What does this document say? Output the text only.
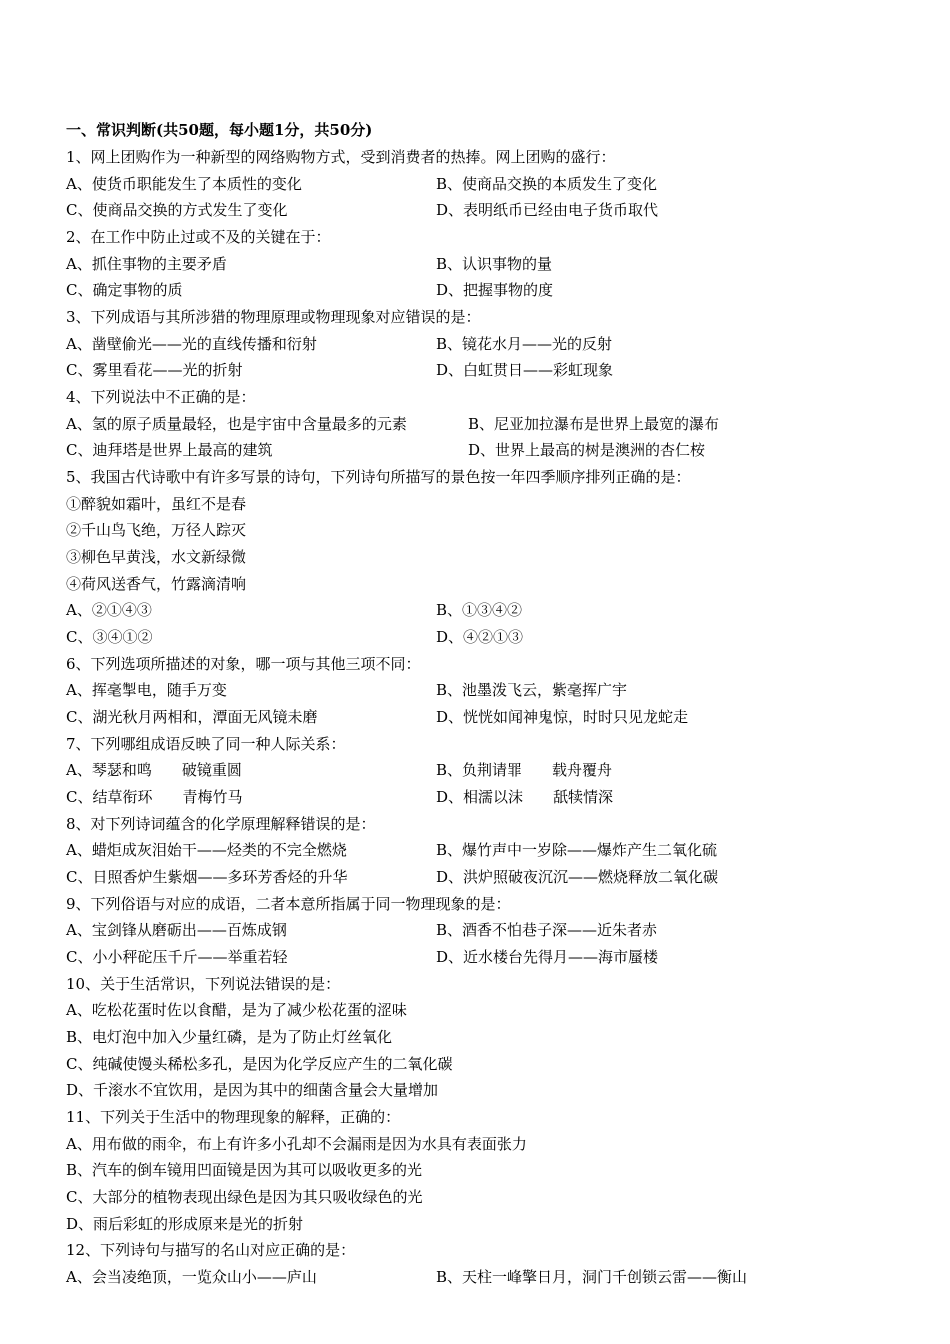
一、常识判断(共50题，每小题1分，共50分)
1、网上团购作为一种新型的网络购物方式，受到消费者的热捧。网上团购的盛行：
A、使货币职能发生了本质性的变化	B、使商品交换的本质发生了变化
C、使商品交换的方式发生了变化	D、表明纸币已经由电子货币取代
2、在工作中防止过或不及的关键在于：
A、抓住事物的主要矛盾	B、认识事物的量
C、确定事物的质	D、把握事物的度
3、下列成语与其所涉猎的物理原理或物理现象对应错误的是：
A、凿壁偷光——光的直线传播和衍射	B、镜花水月——光的反射
C、雾里看花——光的折射	D、白虹贯日——彩虹现象
4、下列说法中不正确的是：
A、氢的原子质量最轻，也是宇宙中含量最多的元素	B、尼亚加拉瀑布是世界上最宽的瀑布
C、迪拜塔是世界上最高的建筑	D、世界上最高的树是澳洲的杏仁桉
5、我国古代诗歌中有许多写景的诗句，下列诗句所描写的景色按一年四季顺序排列正确的是：
①醉貌如霜叶，虽红不是春
②千山鸟飞绝，万径人踪灭
③柳色早黄浅，水文新绿微
④荷风送香气，竹露滴清响
A、②①④③	B、①③④②
C、③④①②	D、④②①③
6、下列选项所描述的对象，哪一项与其他三项不同：
A、挥毫掣电，随手万变	B、池墨泼飞云，紫毫挥广宇
C、湖光秋月两相和，潭面无风镜未磨	D、恍恍如闻神鬼惊，时时只见龙蛇走
7、下列哪组成语反映了同一种人际关系：
A、琴瑟和鸣　　破镜重圆	B、负荆请罪　　载舟覆舟
C、结草衔环　　青梅竹马	D、相濡以沫　　舐犊情深
8、对下列诗词蕴含的化学原理解释错误的是：
A、蜡炬成灰泪始干——烃类的不完全燃烧	B、爆竹声中一岁除——爆炸产生二氧化硫
C、日照香炉生紫烟——多环芳香烃的升华	D、洪炉照破夜沉沉——燃烧释放二氧化碳
9、下列俗语与对应的成语，二者本意所指属于同一物理现象的是：
A、宝剑锋从磨砺出——百炼成钢	B、酒香不怕巷子深——近朱者赤
C、小小秤砣压千斤——举重若轻	D、近水楼台先得月——海市蜃楼
10、关于生活常识，下列说法错误的是：
A、吃松花蛋时佐以食醋，是为了减少松花蛋的涩味
B、电灯泡中加入少量红磷，是为了防止灯丝氧化
C、纯碱使馒头稀松多孔，是因为化学反应产生的二氧化碳
D、千滚水不宜饮用，是因为其中的细菌含量会大量增加
11、下列关于生活中的物理现象的解释，正确的：
A、用布做的雨伞，布上有许多小孔却不会漏雨是因为水具有表面张力
B、汽车的倒车镜用凹面镜是因为其可以吸收更多的光
C、大部分的植物表现出绿色是因为其只吸收绿色的光
D、雨后彩虹的形成原来是光的折射
12、下列诗句与描写的名山对应正确的是：
A、会当凌绝顶，一览众山小——庐山	B、天柱一峰擎日月，洞门千创锁云雷——衡山
